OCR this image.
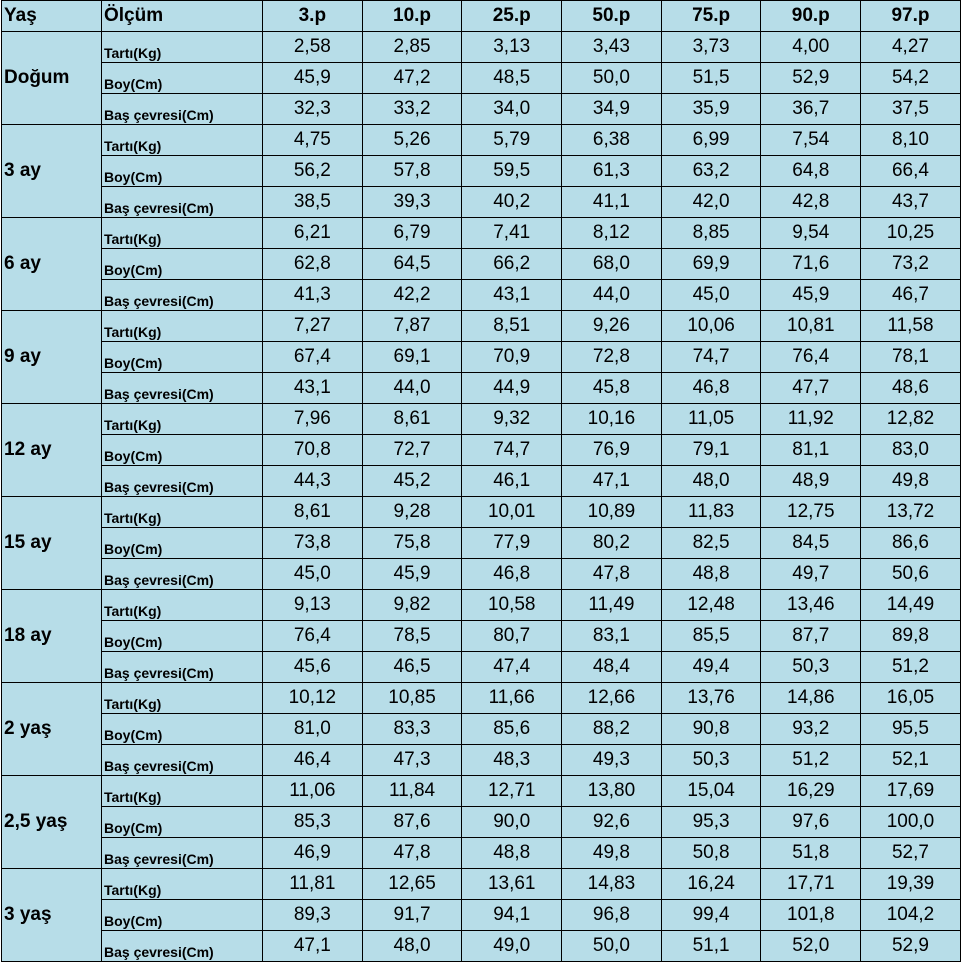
Yaş	Ölçüm	3.p	10.p	25.p	50.p	75.p	90.p	97.p
Doğum	Tartı(Kg)	2,58	2,85	3,13	3,43	3,73	4,00	4,27
	Boy(Cm)	45,9	47,2	48,5	50,0	51,5	52,9	54,2
	Baş çevresi(Cm)	32,3	33,2	34,0	34,9	35,9	36,7	37,5
3 ay	Tartı(Kg)	4,75	5,26	5,79	6,38	6,99	7,54	8,10
	Boy(Cm)	56,2	57,8	59,5	61,3	63,2	64,8	66,4
	Baş çevresi(Cm)	38,5	39,3	40,2	41,1	42,0	42,8	43,7
6 ay	Tartı(Kg)	6,21	6,79	7,41	8,12	8,85	9,54	10,25
	Boy(Cm)	62,8	64,5	66,2	68,0	69,9	71,6	73,2
	Baş çevresi(Cm)	41,3	42,2	43,1	44,0	45,0	45,9	46,7
9 ay	Tartı(Kg)	7,27	7,87	8,51	9,26	10,06	10,81	11,58
	Boy(Cm)	67,4	69,1	70,9	72,8	74,7	76,4	78,1
	Baş çevresi(Cm)	43,1	44,0	44,9	45,8	46,8	47,7	48,6
12 ay	Tartı(Kg)	7,96	8,61	9,32	10,16	11,05	11,92	12,82
	Boy(Cm)	70,8	72,7	74,7	76,9	79,1	81,1	83,0
	Baş çevresi(Cm)	44,3	45,2	46,1	47,1	48,0	48,9	49,8
15 ay	Tartı(Kg)	8,61	9,28	10,01	10,89	11,83	12,75	13,72
	Boy(Cm)	73,8	75,8	77,9	80,2	82,5	84,5	86,6
	Baş çevresi(Cm)	45,0	45,9	46,8	47,8	48,8	49,7	50,6
18 ay	Tartı(Kg)	9,13	9,82	10,58	11,49	12,48	13,46	14,49
	Boy(Cm)	76,4	78,5	80,7	83,1	85,5	87,7	89,8
	Baş çevresi(Cm)	45,6	46,5	47,4	48,4	49,4	50,3	51,2
2 yaş	Tartı(Kg)	10,12	10,85	11,66	12,66	13,76	14,86	16,05
	Boy(Cm)	81,0	83,3	85,6	88,2	90,8	93,2	95,5
	Baş çevresi(Cm)	46,4	47,3	48,3	49,3	50,3	51,2	52,1
2,5 yaş	Tartı(Kg)	11,06	11,84	12,71	13,80	15,04	16,29	17,69
	Boy(Cm)	85,3	87,6	90,0	92,6	95,3	97,6	100,0
	Baş çevresi(Cm)	46,9	47,8	48,8	49,8	50,8	51,8	52,7
3 yaş	Tartı(Kg)	11,81	12,65	13,61	14,83	16,24	17,71	19,39
	Boy(Cm)	89,3	91,7	94,1	96,8	99,4	101,8	104,2
	Baş çevresi(Cm)	47,1	48,0	49,0	50,0	51,1	52,0	52,9
